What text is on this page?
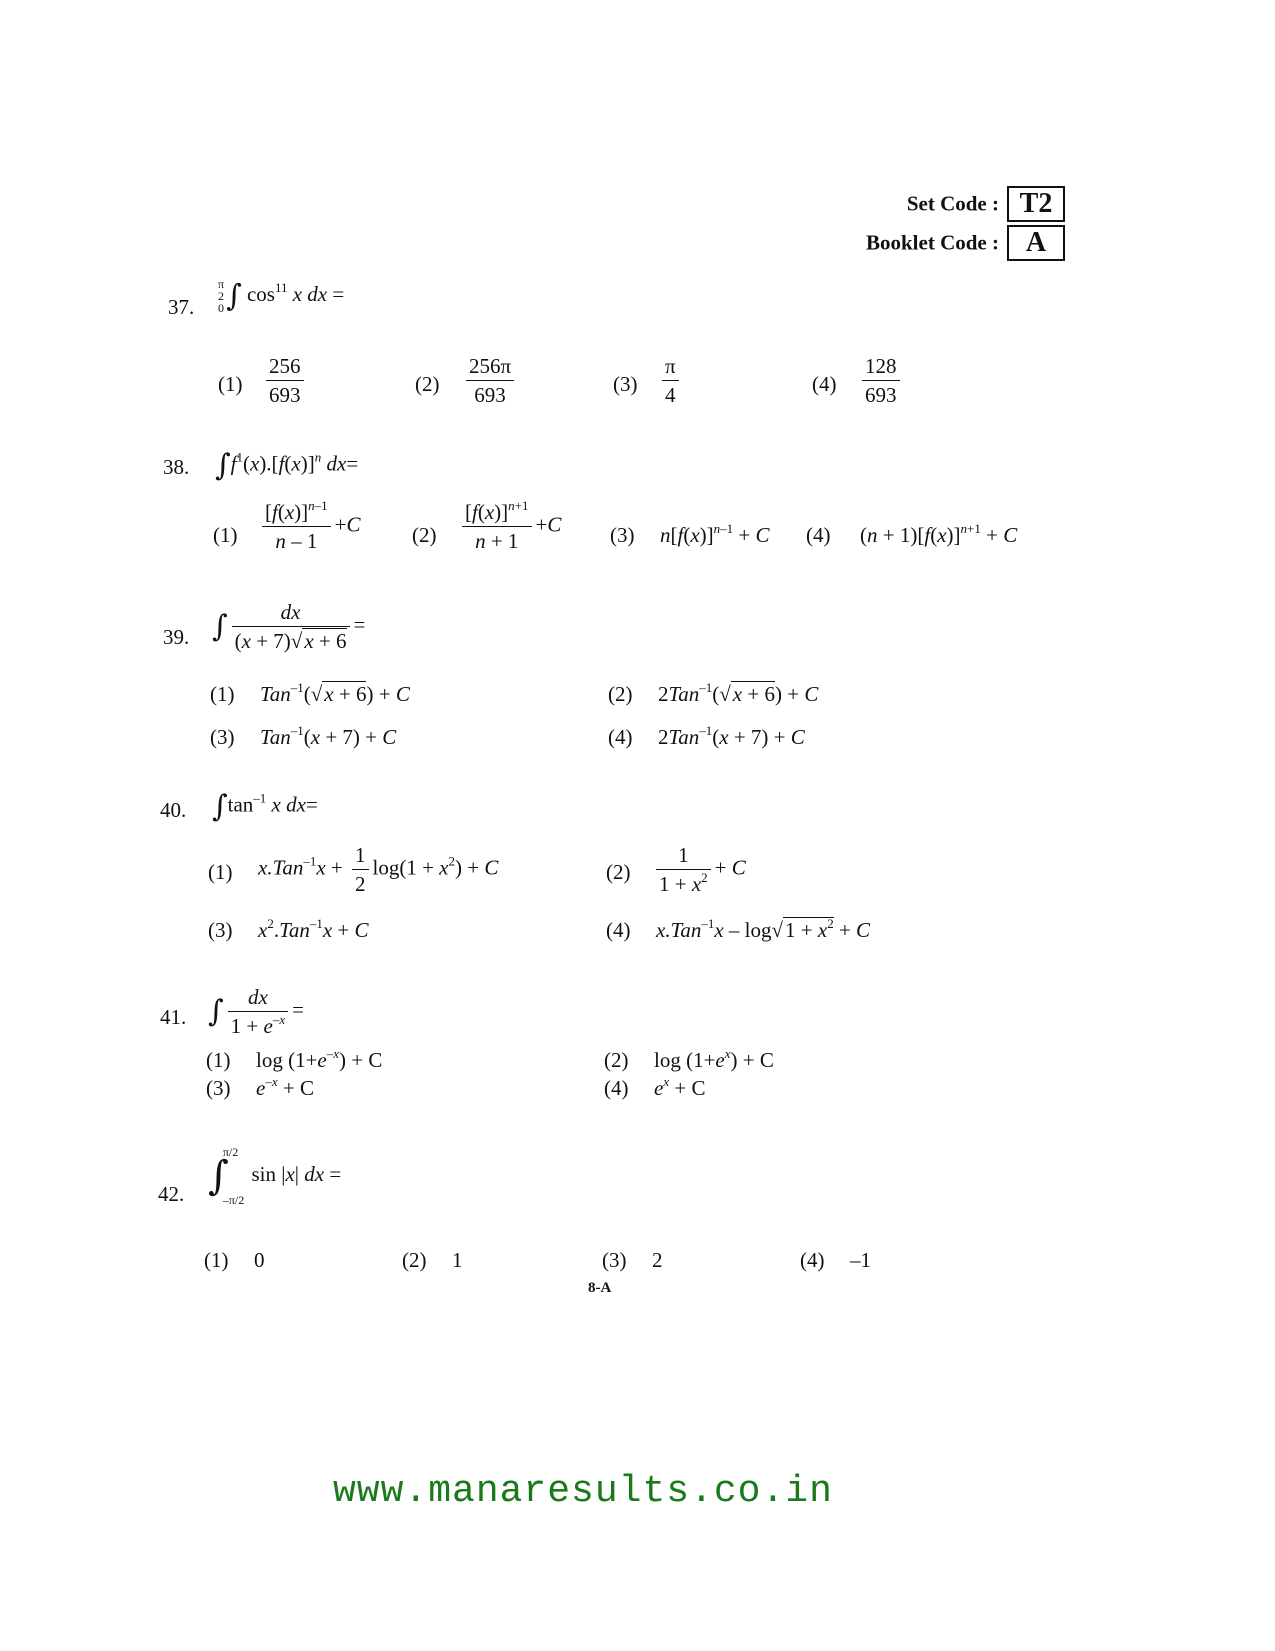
Set Code : T2
Booklet Code : A
37.
π
2
0∫ $\cos^{11} x$ dx =
$(1) \frac{256}{693}$	$(2) \frac{256\pi}{693}$	$(3) \frac{\pi}{4}$	$(4) \frac{128}{693}$
38. $\int f^1(x).[f(x)]^n$ dx=
$(1) \frac{[f(x)]^{n-1}}{n - 1} +C$ $(2) \frac{[f(x)]^{n+1}}{n + 1} +C$ (3) $n[f(x)]^{n-1} + C$ (4) $(n + 1)[f(x)]^{n+1} + C$
39. ∫ $\frac{dx}{(x + 7)√x + 6}$ =
(1) Tan$^{-1}$(√x + 6) + C	(2) 2Tan$^{-1}$(√x + 6) + C
(3) Tan$^{-1}$(x + 7) + C	(4) 2Tan$^{-1}$(x + 7) + C
40. $\int\tan^{-1}$ x dx=
(1) $x.Tan^{-1}x + \frac{1}{2} \log(1 + x^2) + C$	$(2) \frac{1}{1 + x^2} + C$
(3) $x^2.Tan^{-1}x + C$	(4) $x.Tan^{-1}x - \log√1 + x^2 + C$
41. ∫ $\frac{dx}{1 + e^{-x}}$ =
(1) $\log (1+e^{-x}) + C$	(2) $\log (1+e^x) + C$
(3) $e^{-x} + C$	(4) $e^x + C$
42. ∫π/2

–π/2 sin |x| dx =
(1) 0	(2) 1	(3) 2	(4) –1
8-A
www.manaresults.co.in
